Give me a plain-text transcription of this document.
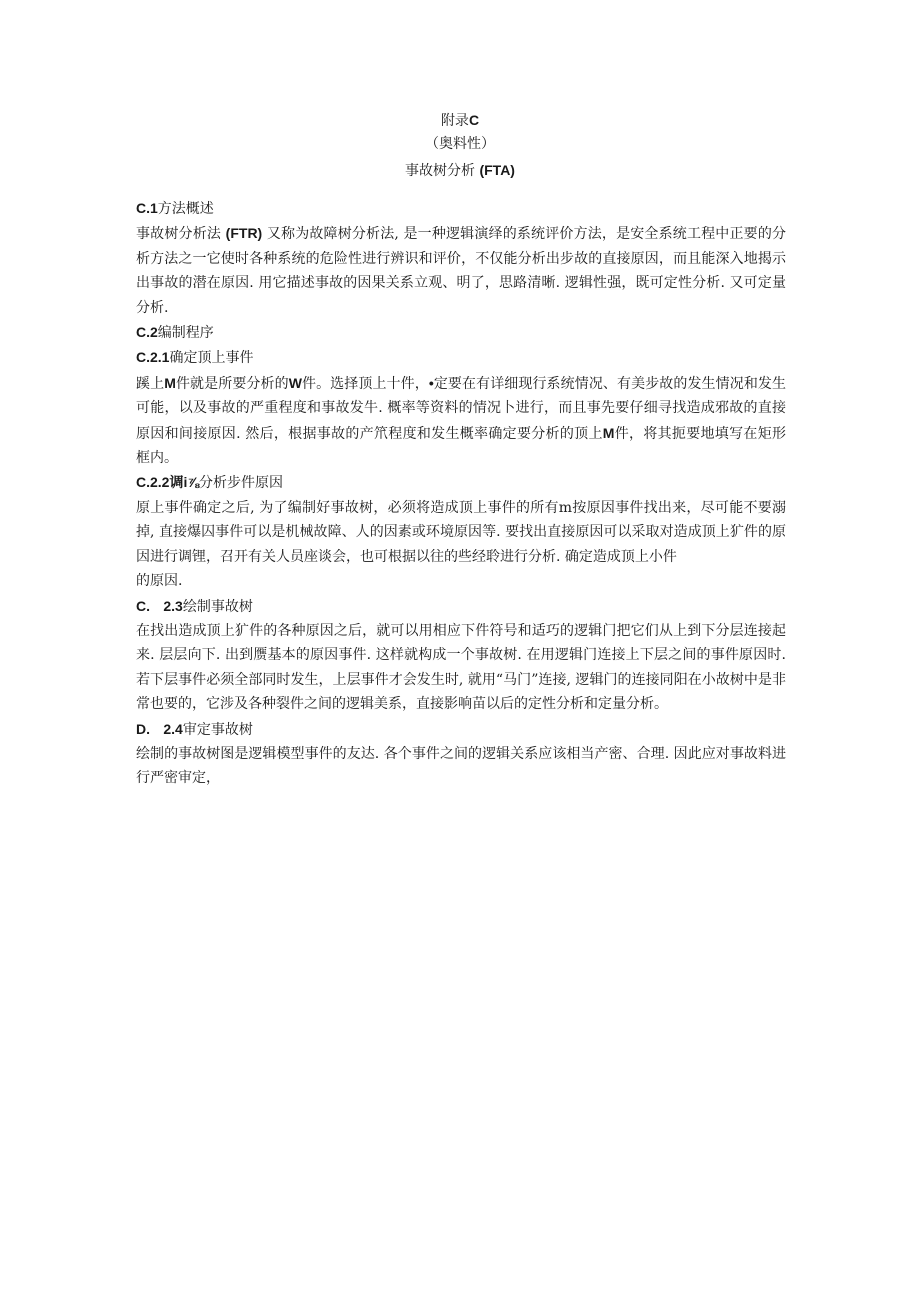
附录C
（奥料性）
事故树分析 (FTA)
C.1方法概述

事故树分析法 (FTR) 又称为故障树分析法, 是一种逻辑演绎的系统评价方法，是安全系统工程中正要的分析方法之一它使时各种系统的危险性进行辨识和评价，不仅能分析出步故的直接原因，而且能深入地揭示出事故的潜在原因. 用它描述事故的因果关系立观、明了，思路清晰. 逻辑性强，既可定性分析. 又可定量分析.

C.2编制程序
C.2.1确定顶上事件

蹊上M件就是所要分析的W件。选择顶上十件，•定要在有详细现行系统情况、有美步故的发生情况和发生可能，以及事故的严重程度和事故发牛. 概率等资料的情况卜进行，而且事先要仔细寻找造成邪故的直接原因和间接原因. 然后，根据事故的产笊程度和发生概率确定要分析的顶上M件，将其扼要地填写在矩形框内。

C.2.2调i⅞分析步件原因

原上事件确定之后, 为了编制好事故树，必须将造成顶上事件的所有m按原因事件找出来，尽可能不要溺掉, 直接爆囚事件可以是机械故障、人的因素或环境原因等. 要找出直接原因可以采取对造成顶上犷件的原因进行调锂，召开有关人员座谈会，也可根据以往的些经聆进行分析. 确定造成顶上小件

的原因.

C. 2.3绘制事故树

在找出造成顶上犷件的各种原因之后，就可以用相应下件符号和适巧的逻辑门把它们从上到下分层连接起来. 层层向下. 出到赝基本的原因事件. 这样就构成一个事故树. 在用逻辑门连接上下层之间的事件原因时. 若下层事件必须全部同时发生，上层事件才会发生时, 就用“马门”连接, 逻辑门的连接同阳在小故树中是非常也要的，它涉及各种裂件之间的逻辑美系，直接影响苗以后的定性分析和定量分析。

D. 2.4审定事故树

绘制的事故树图是逻辑模型事件的友达. 各个事件之间的逻辑关系应该相当产密、合理. 因此应对事故料进行严密审定，
